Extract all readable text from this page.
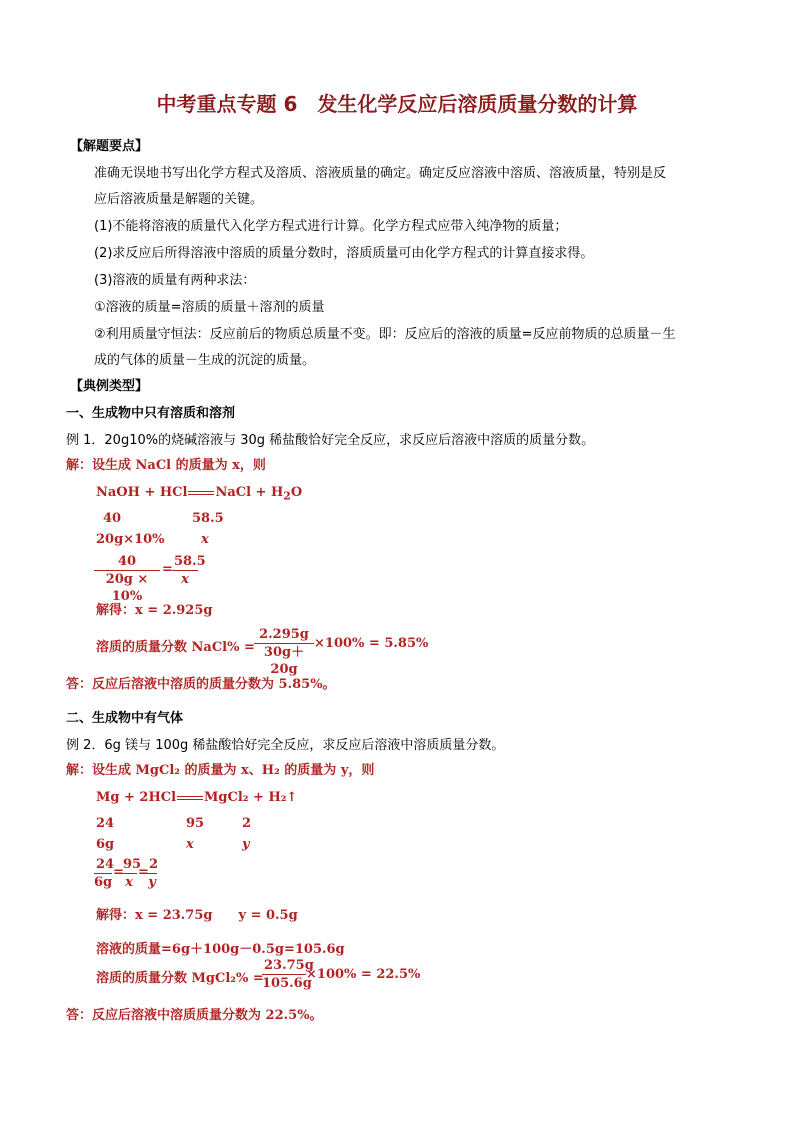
中考重点专题 6　发生化学反应后溶质质量分数的计算
【解题要点】
准确无误地书写出化学方程式及溶质、溶液质量的确定。确定反应溶液中溶质、溶液质量，特别是反
应后溶液质量是解题的关键。
(1)不能将溶液的质量代入化学方程式进行计算。化学方程式应带入纯净物的质量；
(2)求反应后所得溶液中溶质的质量分数时，溶质质量可由化学方程式的计算直接求得。
(3)溶液的质量有两种求法：
①溶液的质量=溶质的质量＋溶剂的质量
②利用质量守恒法：反应前后的物质总质量不变。即：反应后的溶液的质量=反应前物质的总质量－生
成的气体的质量－生成的沉淀的质量。
【典例类型】
一、生成物中只有溶质和溶剂
例 1．20g10%的烧碱溶液与 30g 稀盐酸恰好完全反应，求反应后溶液中溶质的质量分数。
解：设生成 NaCl 的质量为 x，则
NaOH + HCl NaCl + $H_2O$
40	58.5
20g×10%	x
$\frac{40}{20g \times 10\%} = \frac{58.5}{x}$
解得：x = 2.925g
溶质的质量分数 NaCl% = $\frac{2.295g}{30g+20g} \times 100\% = 5.85\%$
答：反应后溶液中溶质的质量分数为 5.85%。
二、生成物中有气体
例 2．6g 镁与 100g 稀盐酸恰好完全反应，求反应后溶液中溶质质量分数。
解：设生成 MgCl₂ 的质量为 x、H₂ 的质量为 y，则
Mg + 2HCl MgCl₂ + H₂↑
24	95	2
6g	x	y
$\frac{24}{6g}$ =
$\frac{95}{x}$ =
$\frac{2}{y}$
解得：x = 23.75g　　y = 0.5g
溶液的质量=6g＋100g－0.5g=105.6g
溶质的质量分数 MgCl₂% =
$\frac{23.75g}{105.6g} \times 100\% = 22.5\%$
答：反应后溶液中溶质质量分数为 22.5%。
